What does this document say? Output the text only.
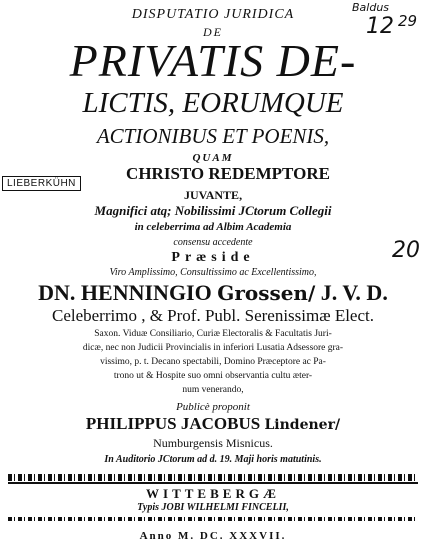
Baldus
12 29
20
LIEBERKÜHN
DISPUTATIO JURIDICA
DE
PRIVATIS DE-
LICTIS, EORUMQUE
ACTIONIBUS ET POENIS,
QUAM
CHRISTO REDEMPTORE
JUVANTE,
Magnifici atq; Nobilissimi JCtorum Collegii
in celeberrima ad Albim Academia
consensu accedente
Præside
Viro Amplissimo, Consultissimo ac Excellentissimo,
DN. HENNINGIO Grossen/ J. V. D.
Celeberrimo , & Prof. Publ. Serenissimæ Elect.
Saxon. Viduæ Consiliario, Curiæ Electoralis & Facultatis Juri-
dicæ, nec non Judicii Provincialis in inferiori Lusatia Adsessore gra-
vissimo, p. t. Decano spectabili, Domino Præceptore ac Pa-
trono ut & Hospite suo omni observantia cultu æter-
num venerando,
Publicè proponit
PHILIPPUS JACOBUS Lindener/
Numburgensis Misnicus.
In Auditorio JCtorum ad d. 19. Maji horis matutinis.
WITTEBERGÆ
Typis JOBI WILHELMI FINCELII,
Anno M. DC. XXXVII.
